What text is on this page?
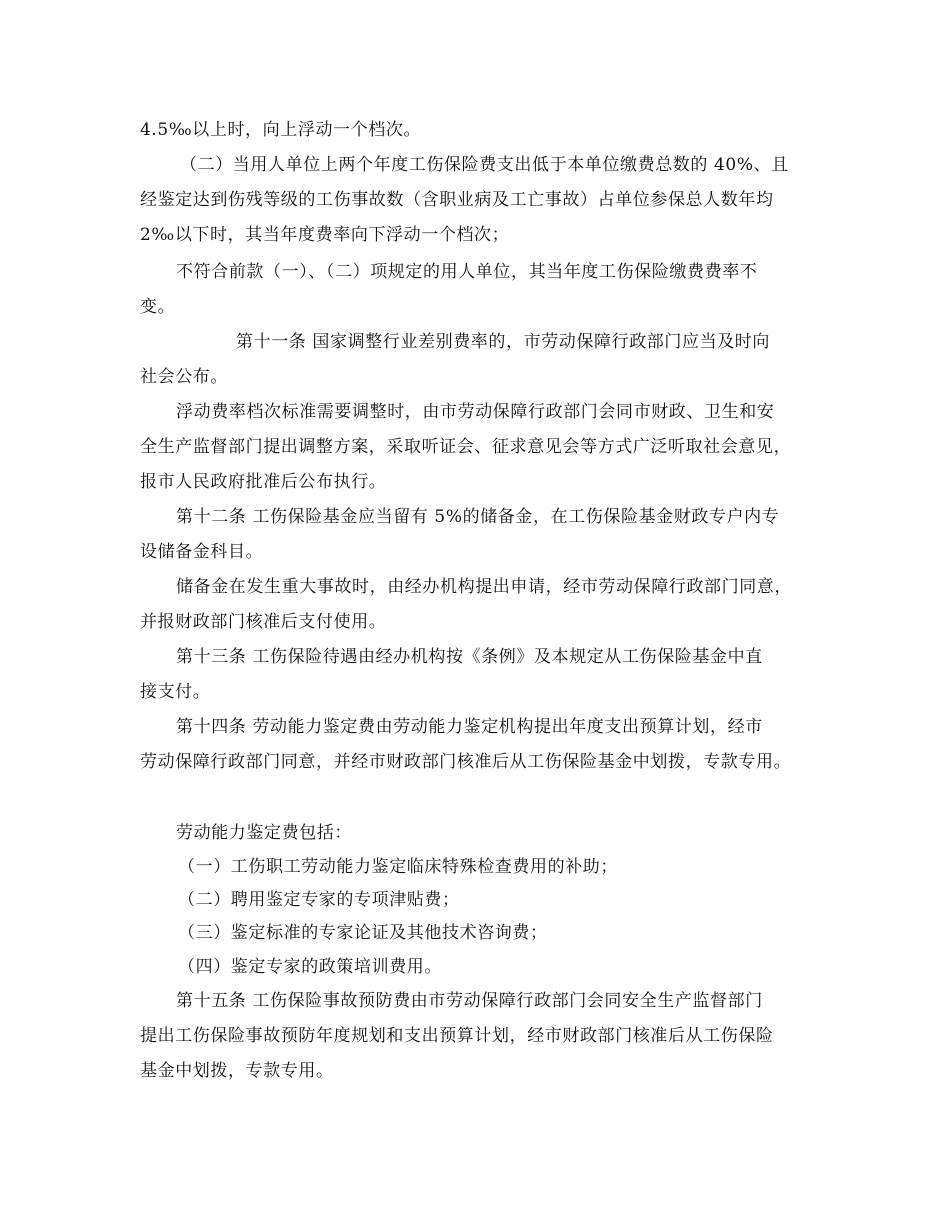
4.5‰以上时，向上浮动一个档次。
（二）当用人单位上两个年度工伤保险费支出低于本单位缴费总数的 40%、且
经鉴定达到伤残等级的工伤事故数（含职业病及工亡事故）占单位参保总人数年均
2‰以下时，其当年度费率向下浮动一个档次；
不符合前款（一）、（二）项规定的用人单位，其当年度工伤保险缴费费率不
变。
第十一条 国家调整行业差别费率的，市劳动保障行政部门应当及时向
社会公布。
浮动费率档次标准需要调整时，由市劳动保障行政部门会同市财政、卫生和安
全生产监督部门提出调整方案，采取听证会、征求意见会等方式广泛听取社会意见，
报市人民政府批准后公布执行。
第十二条 工伤保险基金应当留有 5%的储备金，在工伤保险基金财政专户内专
设储备金科目。
储备金在发生重大事故时，由经办机构提出申请，经市劳动保障行政部门同意，
并报财政部门核准后支付使用。
第十三条 工伤保险待遇由经办机构按《条例》及本规定从工伤保险基金中直
接支付。
第十四条 劳动能力鉴定费由劳动能力鉴定机构提出年度支出预算计划，经市
劳动保障行政部门同意，并经市财政部门核准后从工伤保险基金中划拨，专款专用。
劳动能力鉴定费包括：
（一）工伤职工劳动能力鉴定临床特殊检查费用的补助；
（二）聘用鉴定专家的专项津贴费；
（三）鉴定标准的专家论证及其他技术咨询费；
（四）鉴定专家的政策培训费用。
第十五条 工伤保险事故预防费由市劳动保障行政部门会同安全生产监督部门
提出工伤保险事故预防年度规划和支出预算计划，经市财政部门核准后从工伤保险
基金中划拨，专款专用。
